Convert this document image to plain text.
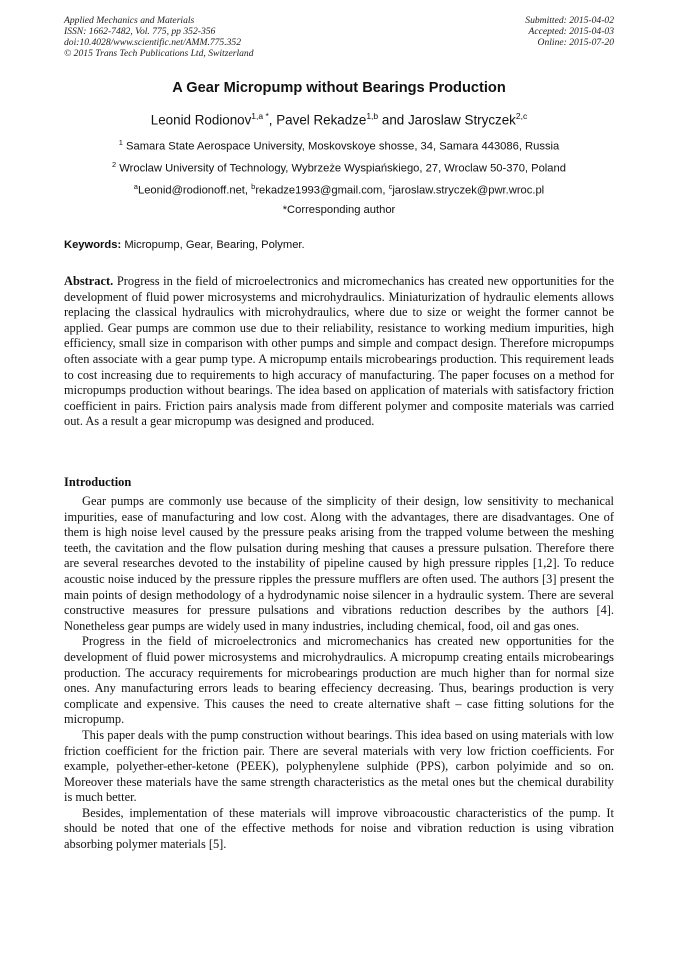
Applied Mechanics and Materials
ISSN: 1662-7482, Vol. 775, pp 352-356
doi:10.4028/www.scientific.net/AMM.775.352
© 2015 Trans Tech Publications Ltd, Switzerland
Submitted: 2015-04-02
Accepted: 2015-04-03
Online: 2015-07-20
A Gear Micropump without Bearings Production
Leonid Rodionov$^{1,a *}$, Pavel Rekadze$^{1,b}$ and Jaroslaw Stryczek$^{2,c}$
$^1$ Samara State Aerospace University, Moskovskoye shosse, 34, Samara 443086, Russia
$^2$ Wroclaw University of Technology, Wybrzeże Wyspiańskiego, 27, Wroclaw 50-370, Poland
$^a$Leonid@rodionoff.net, $^b$rekadze1993@gmail.com, $^c$jaroslaw.stryczek@pwr.wroc.pl
*Corresponding author
Keywords: Micropump, Gear, Bearing, Polymer.
Abstract. Progress in the field of microelectronics and micromechanics has created new opportunities for the development of fluid power microsystems and microhydraulics. Miniaturization of hydraulic elements allows replacing the classical hydraulics with microhydraulics, where due to size or weight the former cannot be applied. Gear pumps are common use due to their reliability, resistance to working medium impurities, high efficiency, small size in comparison with other pumps and simple and compact design. Therefore micropumps often associate with a gear pump type. A micropump entails microbearings production. This requirement leads to cost increasing due to requirements to high accuracy of manufacturing. The paper focuses on a method for micropumps production without bearings. The idea based on application of materials with satisfactory friction coefficient in pairs. Friction pairs analysis made from different polymer and composite materials was carried out. As a result a gear micropump was designed and produced.
Introduction

Gear pumps are commonly use because of the simplicity of their design, low sensitivity to mechanical impurities, ease of manufacturing and low cost. Along with the advantages, there are disadvantages. One of them is high noise level caused by the pressure peaks arising from the trapped volume between the meshing teeth, the cavitation and the flow pulsation during meshing that causes a pressure pulsation. Therefore there are several researches devoted to the instability of pipeline caused by high pressure ripples [1,2]. To reduce acoustic noise induced by the pressure ripples the pressure mufflers are often used. The authors [3] present the main points of design methodology of a hydrodynamic noise silencer in a hydraulic system. There are several constructive measures for pressure pulsations and vibrations reduction describes by the authors [4]. Nonetheless gear pumps are widely used in many industries, including chemical, food, oil and gas ones.

Progress in the field of microelectronics and micromechanics has created new opportunities for the development of fluid power microsystems and microhydraulics. A micropump creating entails microbearings production. The accuracy requirements for microbearings production are much higher than for normal size ones. Any manufacturing errors leads to bearing effeciency decreasing. Thus, bearings production is very complicate and expensive. This causes the need to create alternative shaft – case fitting solutions for the micropump.

This paper deals with the pump construction without bearings. This idea based on using materials with low friction coefficient for the friction pair. There are several materials with very low friction coefficients. For example, polyether-ether-ketone (PEEK), polyphenylene sulphide (PPS), carbon polyimide and so on. Moreover these materials have the same strength characteristics as the metal ones but the chemical durability is much better.

Besides, implementation of these materials will improve vibroacoustic characteristics of the pump. It should be noted that one of the effective methods for noise and vibration reduction is using vibration absorbing polymer materials [5].
